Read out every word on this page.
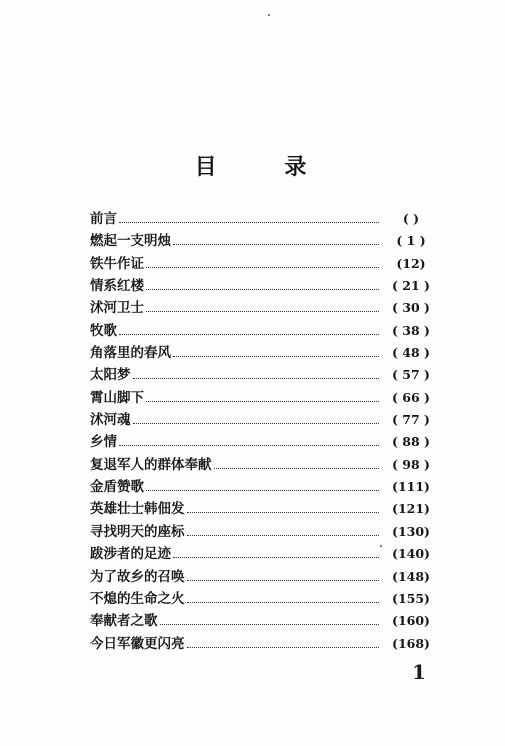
目 录
前言	( )
燃起一支明烛	( 1 )
铁牛作证	(12)
情系红楼	( 21 )
沭河卫士	( 30 )
牧歌	( 38 )
角落里的春风	( 48 )
太阳梦	( 57 )
霄山脚下	( 66 )
沭河魂	( 77 )
乡情	( 88 )
复退军人的群体奉献	( 98 )
金盾赞歌	(111)
英雄壮士韩佃发	(121)
寻找明天的座标	(130)
跋涉者的足迹	(140)
为了故乡的召唤	(148)
不熄的生命之火	(155)
奉献者之歌	(160)
今日军徽更闪亮	(168)
1
